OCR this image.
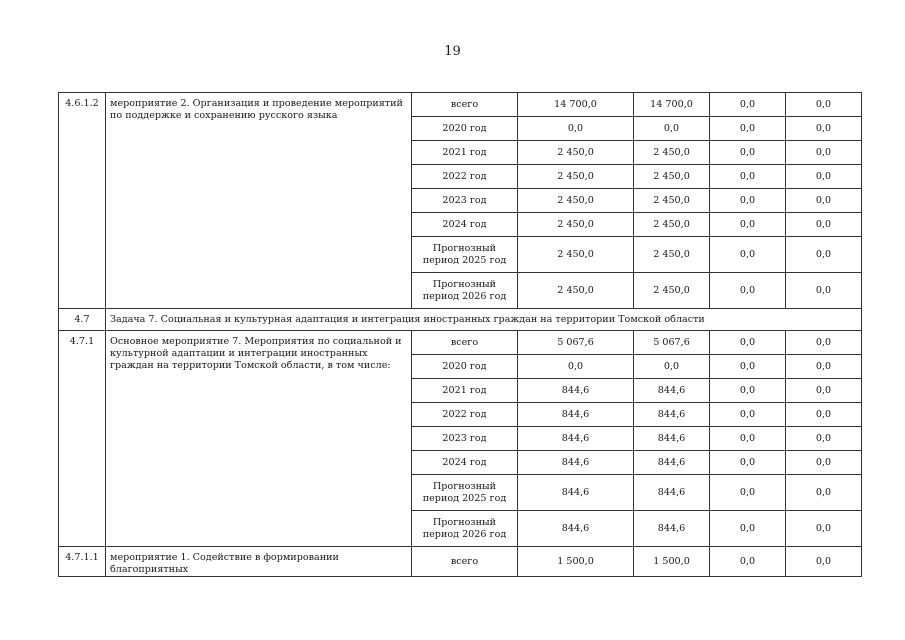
19
4.6.1.2	мероприятие 2. Организация и проведение мероприятий по поддержке и сохранению русского языка	всего	14 700,0	14 700,0	0,0	0,0
		2020 год	0,0	0,0	0,0	0,0
		2021 год	2 450,0	2 450,0	0,0	0,0
		2022 год	2 450,0	2 450,0	0,0	0,0
		2023 год	2 450,0	2 450,0	0,0	0,0
		2024 год	2 450,0	2 450,0	0,0	0,0
		Прогнозный период 2025 год	2 450,0	2 450,0	0,0	0,0
		Прогнозный период 2026 год	2 450,0	2 450,0	0,0	0,0
4.7	Задача 7. Социальная и культурная адаптация и интеграция иностранных граждан на территории Томской области					
4.7.1	Основное мероприятие 7. Мероприятия по социальной и культурной адаптации и интеграции иностранных граждан на территории Томской области, в том числе:	всего	5 067,6	5 067,6	0,0	0,0
		2020 год	0,0	0,0	0,0	0,0
		2021 год	844,6	844,6	0,0	0,0
		2022 год	844,6	844,6	0,0	0,0
		2023 год	844,6	844,6	0,0	0,0
		2024 год	844,6	844,6	0,0	0,0
		Прогнозный период 2025 год	844,6	844,6	0,0	0,0
		Прогнозный период 2026 год	844,6	844,6	0,0	0,0
4.7.1.1	мероприятие 1. Содействие в формировании благоприятных	всего	1 500,0	1 500,0	0,0	0,0
